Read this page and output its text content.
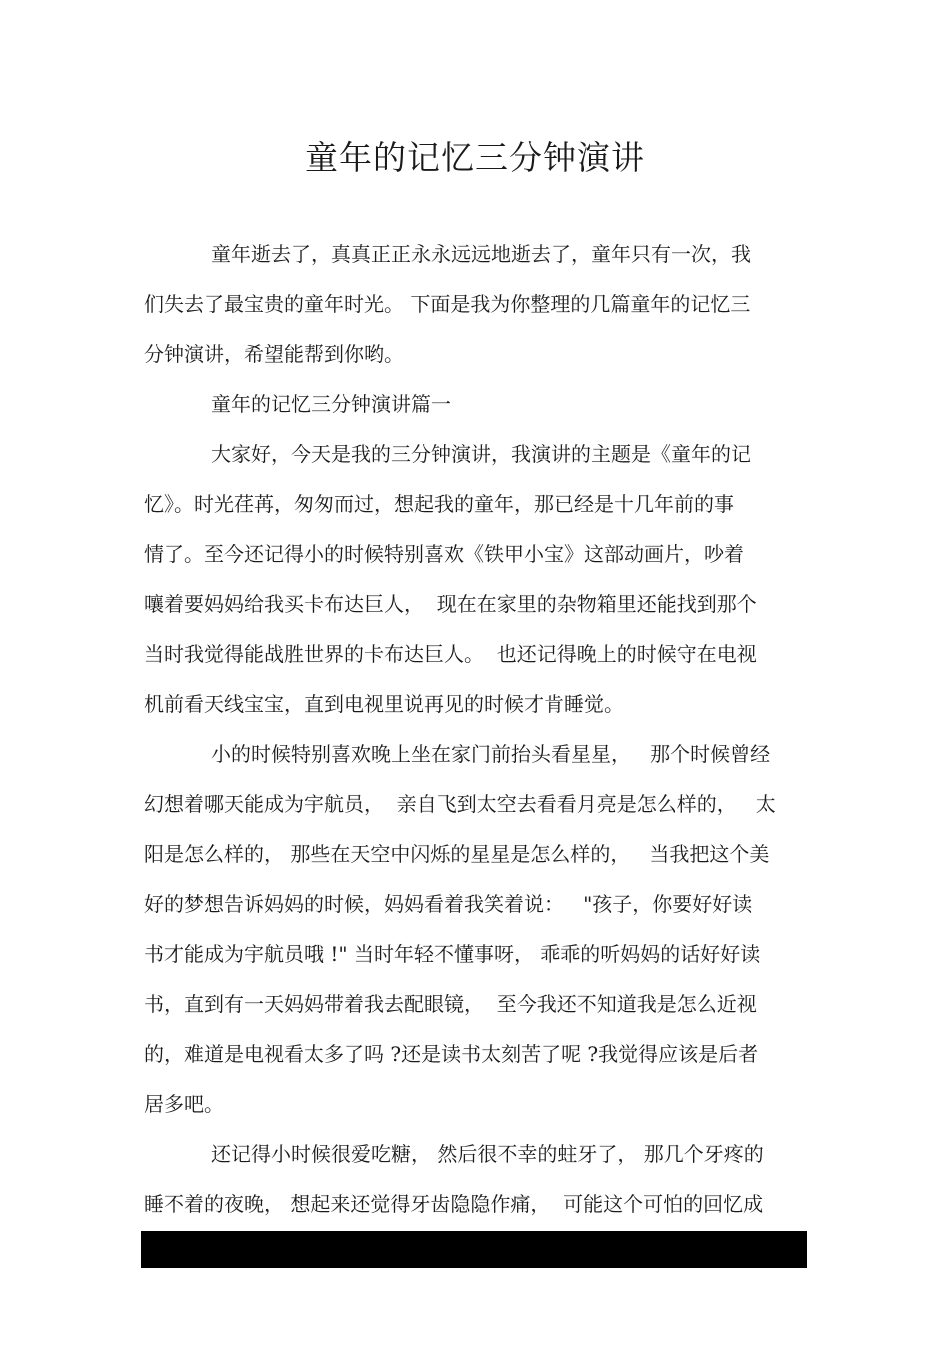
童年的记忆三分钟演讲

童年逝去了，真真正正永永远远地逝去了，童年只有一次，我

们失去了最宝贵的童年时光。 下面是我为你整理的几篇童年的记忆三

分钟演讲，希望能帮到你哟。

童年的记忆三分钟演讲篇一

大家好，今天是我的三分钟演讲，我演讲的主题是《童年的记

忆》。时光荏苒，匆匆而过，想起我的童年，那已经是十几年前的事

情了。至今还记得小的时候特别喜欢《铁甲小宝》这部动画片，吵着

嚷着要妈妈给我买卡布达巨人，  现在在家里的杂物箱里还能找到那个

当时我觉得能战胜世界的卡布达巨人。  也还记得晚上的时候守在电视

机前看天线宝宝，直到电视里说再见的时候才肯睡觉。

小的时候特别喜欢晚上坐在家门前抬头看星星，   那个时候曾经

幻想着哪天能成为宇航员，  亲自飞到太空去看看月亮是怎么样的，   太

阳是怎么样的， 那些在天空中闪烁的星星是怎么样的，   当我把这个美

好的梦想告诉妈妈的时候，妈妈看着我笑着说：   "孩子，你要好好读

书才能成为宇航员哦 !" 当时年轻不懂事呀， 乖乖的听妈妈的话好好读

书，直到有一天妈妈带着我去配眼镜，  至今我还不知道我是怎么近视

的，难道是电视看太多了吗 ?还是读书太刻苦了呢 ?我觉得应该是后者

居多吧。

还记得小时候很爱吃糖， 然后很不幸的蛀牙了， 那几个牙疼的

睡不着的夜晚， 想起来还觉得牙齿隐隐作痛，  可能这个可怕的回忆成
